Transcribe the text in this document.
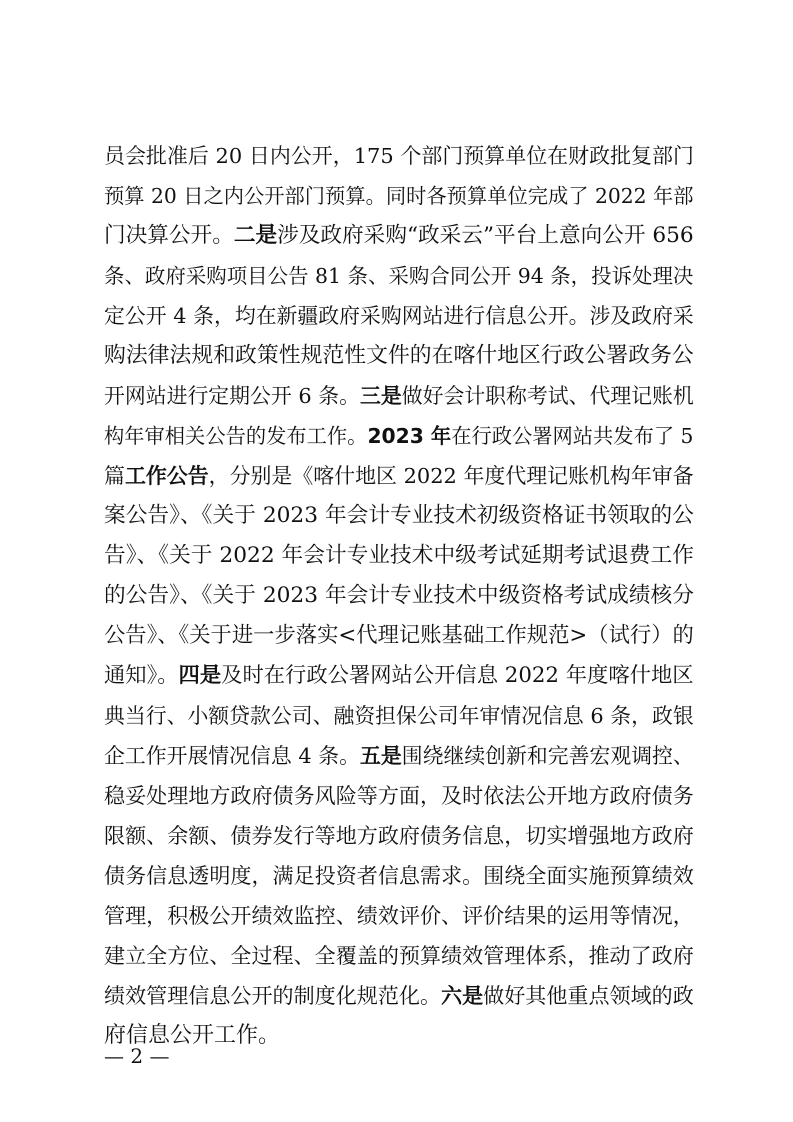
员会批准后 20 日内公开，175 个部门预算单位在财政批复部门
预算 20 日之内公开部门预算。同时各预算单位完成了 2022 年部
门决算公开。 二是 涉及政府采购“政采云”平台上意向公开 656
条、政府采购项目公告 81 条、采购合同公开 94 条，投诉处理决
定公开 4 条，均在新疆政府采购网站进行信息公开。涉及政府采
购法律法规和政策性规范性文件的在喀什地区行政公署政务公
开网站进行定期公开 6 条。 三是 做好会计职称考试、代理记账机
构年审相关公告的发布工作。 2023 年 在行政公署网站共发布了 5
篇 工作公告 ，分别是《喀什地区 2022 年度代理记账机构年审备
案公告》、《关于 2023 年会计专业技术初级资格证书领取的公
告》、《关于 2022 年会计专业技术中级考试延期考试退费工作
的公告》、《关于 2023 年会计专业技术中级资格考试成绩核分
公告》、《关于进一步落实<代理记账基础工作规范>（试行）的
通知》。 四是 及时在行政公署网站公开信息 2022 年度喀什地区
典当行、小额贷款公司、融资担保公司年审情况信息 6 条，政银
企工作开展情况信息 4 条。 五是 围绕继续创新和完善宏观调控、
稳妥处理地方政府债务风险等方面，及时依法公开地方政府债务
限额、余额、债券发行等地方政府债务信息，切实增强地方政府
债务信息透明度，满足投资者信息需求。围绕全面实施预算绩效
管理，积极公开绩效监控、绩效评价、评价结果的运用等情况，
建立全方位、全过程、全覆盖的预算绩效管理体系，推动了政府
绩效管理信息公开的制度化规范化。 六是 做好其他重点领域的政
府信息公开工作。
— 2 —
